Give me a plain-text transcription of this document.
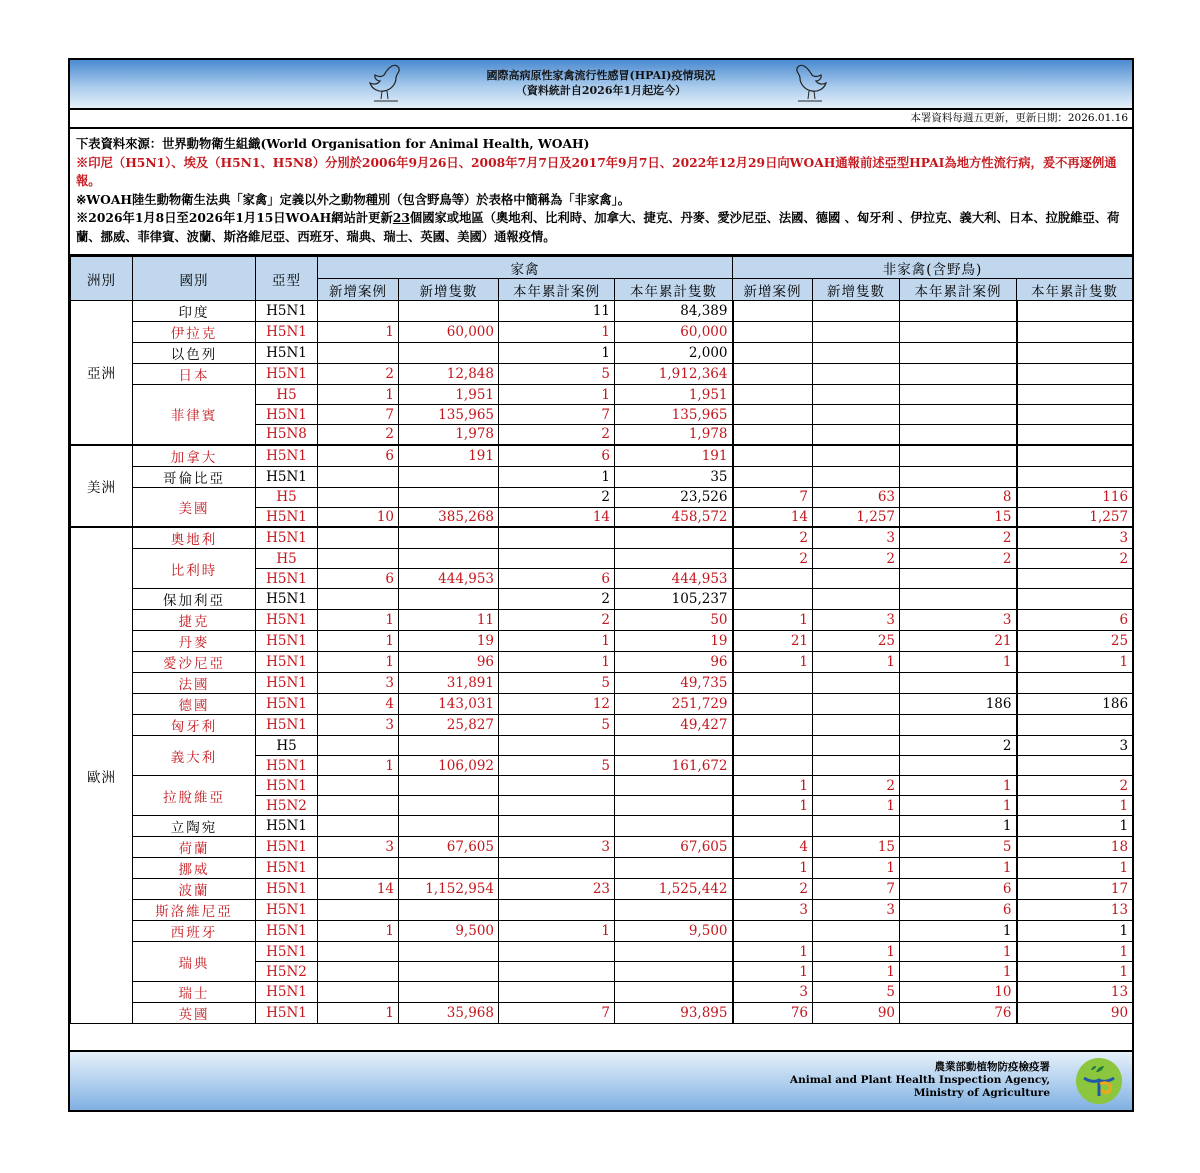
國際高病原性家禽流行性感冒(HPAI)疫情現況
（資料統計自2026年1月起迄今）
本署資料每週五更新，更新日期：2026.01.16
下表資料來源：世界動物衛生組織(World Organisation for Animal Health, WOAH)
※印尼（H5N1）、埃及（H5N1、H5N8）分別於2006年9月26日、2008年7月7日及2017年9月7日、2022年12月29日向WOAH通報前述亞型HPAI為地方性流行病，爰不再逐例通報。
※WOAH陸生動物衛生法典「家禽」定義以外之動物種別（包含野鳥等）於表格中簡稱為「非家禽」。
※2026年1月8日至2026年1月15日WOAH網站計更新23個國家或地區（奧地利、比利時、加拿大、捷克、丹麥、愛沙尼亞、法國、德國 、匈牙利 、伊拉克、義大利、日本、拉脫維亞、荷蘭、挪威、菲律賓、波蘭、斯洛維尼亞、西班牙、瑞典、瑞士、英國、美國）通報疫情。
洲別	國別	亞型	家禽				非家禽(含野鳥)			
			新增案例	新增隻數	本年累計案例	本年累計隻數	新增案例	新增隻數	本年累計案例	本年累計隻數
亞洲	印度	H5N1			11	84,389				
	伊拉克	H5N1	1	60,000	1	60,000				
	以色列	H5N1			1	2,000				
	日本	H5N1	2	12,848	5	1,912,364				
	菲律賓	H5	1	1,951	1	1,951				
		H5N1	7	135,965	7	135,965				
		H5N8	2	1,978	2	1,978				
美洲	加拿大	H5N1	6	191	6	191				
	哥倫比亞	H5N1			1	35				
	美國	H5			2	23,526	7	63	8	116
		H5N1	10	385,268	14	458,572	14	1,257	15	1,257
歐洲	奧地利	H5N1					2	3	2	3
	比利時	H5					2	2	2	2
		H5N1	6	444,953	6	444,953				
	保加利亞	H5N1			2	105,237				
	捷克	H5N1	1	11	2	50	1	3	3	6
	丹麥	H5N1	1	19	1	19	21	25	21	25
	愛沙尼亞	H5N1	1	96	1	96	1	1	1	1
	法國	H5N1	3	31,891	5	49,735				
	德國	H5N1	4	143,031	12	251,729			186	186
	匈牙利	H5N1	3	25,827	5	49,427				
	義大利	H5							2	3
		H5N1	1	106,092	5	161,672				
	拉脫維亞	H5N1					1	2	1	2
		H5N2					1	1	1	1
	立陶宛	H5N1							1	1
	荷蘭	H5N1	3	67,605	3	67,605	4	15	5	18
	挪威	H5N1					1	1	1	1
	波蘭	H5N1	14	1,152,954	23	1,525,442	2	7	6	17
	斯洛維尼亞	H5N1					3	3	6	13
	西班牙	H5N1	1	9,500	1	9,500			1	1
	瑞典	H5N1					1	1	1	1
		H5N2					1	1	1	1
	瑞士	H5N1					3	5	10	13
	英國	H5N1	1	35,968	7	93,895	76	90	76	90
農業部動植物防疫檢疫署
Animal and Plant Health Inspection Agency,
Ministry of Agriculture
